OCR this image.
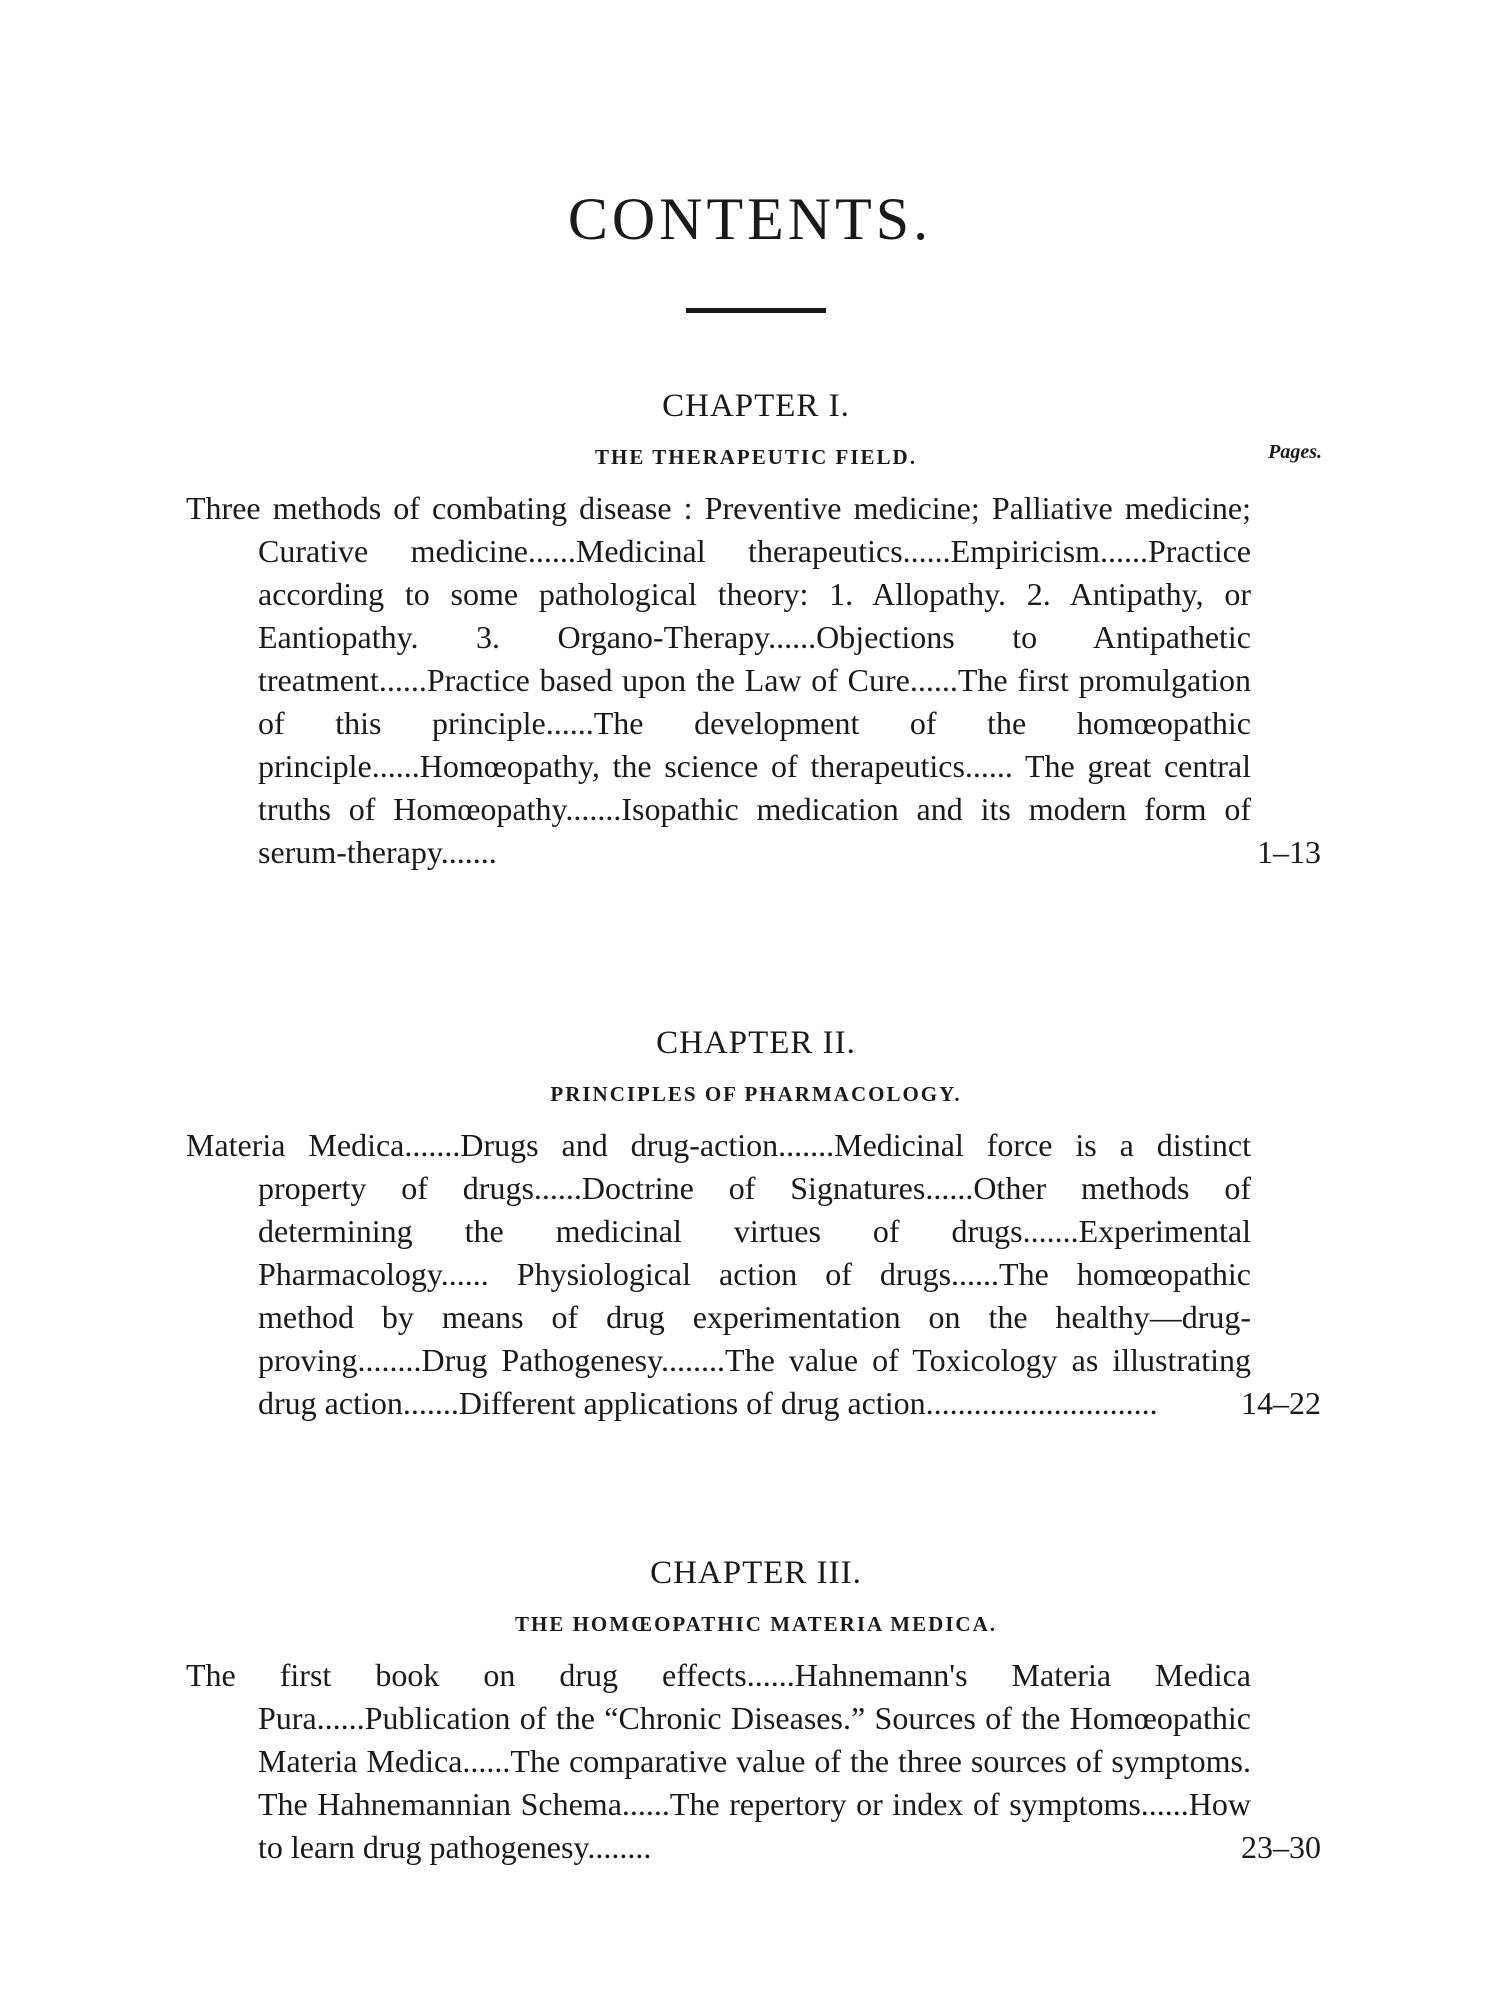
CONTENTS.
CHAPTER I.

THE THERAPEUTIC FIELD.	Pages.

Three methods of combating disease : Preventive medicine; Palliative medicine; Curative medicine......Medicinal therapeutics......Empiricism......Practice according to some pathological theory: 1. Allopathy. 2. Antipathy, or Eantiopathy. 3. Organo-Therapy......Objections to Antipathetic treatment......Practice based upon the Law of Cure......The first promulgation of this principle......The development of the homœopathic principle......Homœopathy, the science of therapeutics...... The great central truths of Homœopathy.......Isopathic medication and its modern form of serum-therapy.......	1–13

CHAPTER II.

PRINCIPLES OF PHARMACOLOGY.

Materia Medica.......Drugs and drug-action.......Medicinal force is a distinct property of drugs......Doctrine of Signatures......Other methods of determining the medicinal virtues of drugs.......Experimental Pharmacology...... Physiological action of drugs......The homœopathic method by means of drug experimentation on the healthy—drug-proving........Drug Pathogenesy........The value of Toxicology as illustrating drug action.......Different applications of drug action.............................	14–22

CHAPTER III.

THE HOMŒOPATHIC MATERIA MEDICA.

The first book on drug effects......Hahnemann's Materia Medica Pura......Publication of the “Chronic Diseases.” Sources of the Homœopathic Materia Medica......The comparative value of the three sources of symptoms. The Hahnemannian Schema......The repertory or index of symptoms......How to learn drug pathogenesy........	23–30
